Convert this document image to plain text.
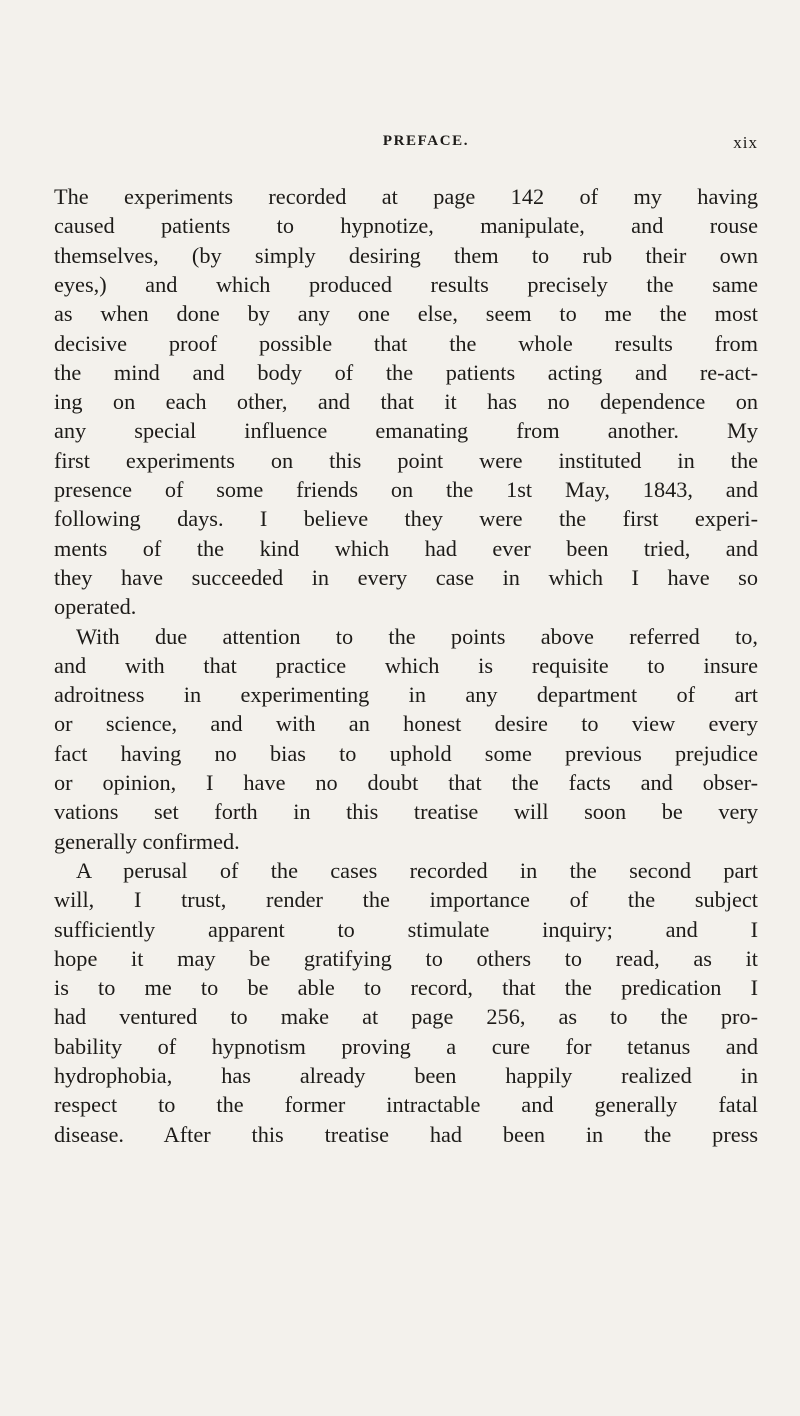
PREFACE.	xix
The experiments recorded at page 142 of my having
caused patients to hypnotize, manipulate, and rouse
themselves, (by simply desiring them to rub their own
eyes,) and which produced results precisely the same
as when done by any one else, seem to me the most
decisive proof possible that the whole results from
the mind and body of the patients acting and re-act-
ing on each other, and that it has no dependence on
any special influence emanating from another. My
first experiments on this point were instituted in the
presence of some friends on the 1st May, 1843, and
following days. I believe they were the first experi-
ments of the kind which had ever been tried, and
they have succeeded in every case in which I have so
operated.
With due attention to the points above referred to,
and with that practice which is requisite to insure
adroitness in experimenting in any department of art
or science, and with an honest desire to view every
fact having no bias to uphold some previous prejudice
or opinion, I have no doubt that the facts and obser-
vations set forth in this treatise will soon be very
generally confirmed.
A perusal of the cases recorded in the second part
will, I trust, render the importance of the subject
sufficiently apparent to stimulate inquiry; and I
hope it may be gratifying to others to read, as it
is to me to be able to record, that the predication I
had ventured to make at page 256, as to the pro-
bability of hypnotism proving a cure for tetanus and
hydrophobia, has already been happily realized in
respect to the former intractable and generally fatal
disease. After this treatise had been in the press
